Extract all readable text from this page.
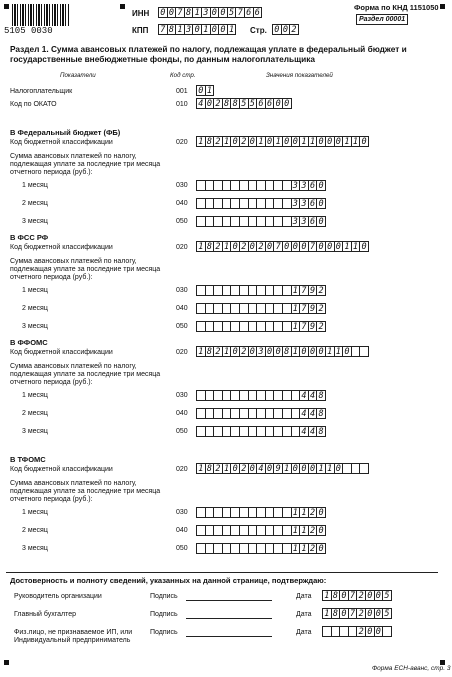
5105 0030
ИНН 0 0 7 8 1 3 0 0 5 7 6 6
КПП 7 8 1 3 0 1 0 0 1 Стр. 0 0 2
Форма по КНД 1151050
Раздел 00001
Раздел 1. Сумма авансовых платежей по налогу, подлежащая уплате в федеральный бюджет и государственные внебюджетные фонды, по данным налогоплательщика
Показатели	Код стр.	Значения показателей
Налогоплательщик	001 0 1
Код по ОКАТО	010 4 0 2 8 8 5 5 6 6 0 0
В Федеральный бюджет (ФБ)
Код бюджетной классификации	020 1 8 2 1 0 2 0 1 0 1 0 0 1 1 0 0 0 1 1 0
Сумма авансовых платежей по налогу, подлежащая уплате за последние три месяца отчетного периода (руб.):
1 месяц	030	3 3 6 0
2 месяц	040	3 3 6 0
3 месяц	050	3 3 6 0
В ФСС РФ
Код бюджетной классификации	020 1 8 2 1 0 2 0 2 0 7 0 0 0 7 0 0 0 1 1 0
Сумма авансовых платежей по налогу, подлежащая уплате за последние три месяца отчетного периода (руб.):
1 месяц	030	1 7 9 2
2 месяц	040	1 7 9 2
3 месяц	050	1 7 9 2
В ФФОМС
Код бюджетной классификации	020 1 8 2 1 0 2 0 3 0 0 8 1 0 0 0 1 1 0
Сумма авансовых платежей по налогу, подлежащая уплате за последние три месяца отчетного периода (руб.):
1 месяц	030	4 4 8
2 месяц	040	4 4 8
3 месяц	050	4 4 8
В ТФОМС
Код бюджетной классификации	020 1 8 2 1 0 2 0 4 0 9 1 0 0 0 1 1 0
Сумма авансовых платежей по налогу, подлежащая уплате за последние три месяца отчетного периода (руб.):
1 месяц	030	1 1 2 0
2 месяц	040	1 1 2 0
3 месяц	050	1 1 2 0
Достоверность и полноту сведений, указанных на данной странице, подтверждаю:
Руководитель организации	Подпись	Дата 1 8 0 7 2 0 0 5
Главный бухгалтер	Подпись	Дата 1 8 0 7 2 0 0 5
Физ.лицо, не признаваемое ИП, или Индивидуальный предприниматель
Подпись	Дата	2 0 0
Форма ЕСН-аванс, стр. 3
